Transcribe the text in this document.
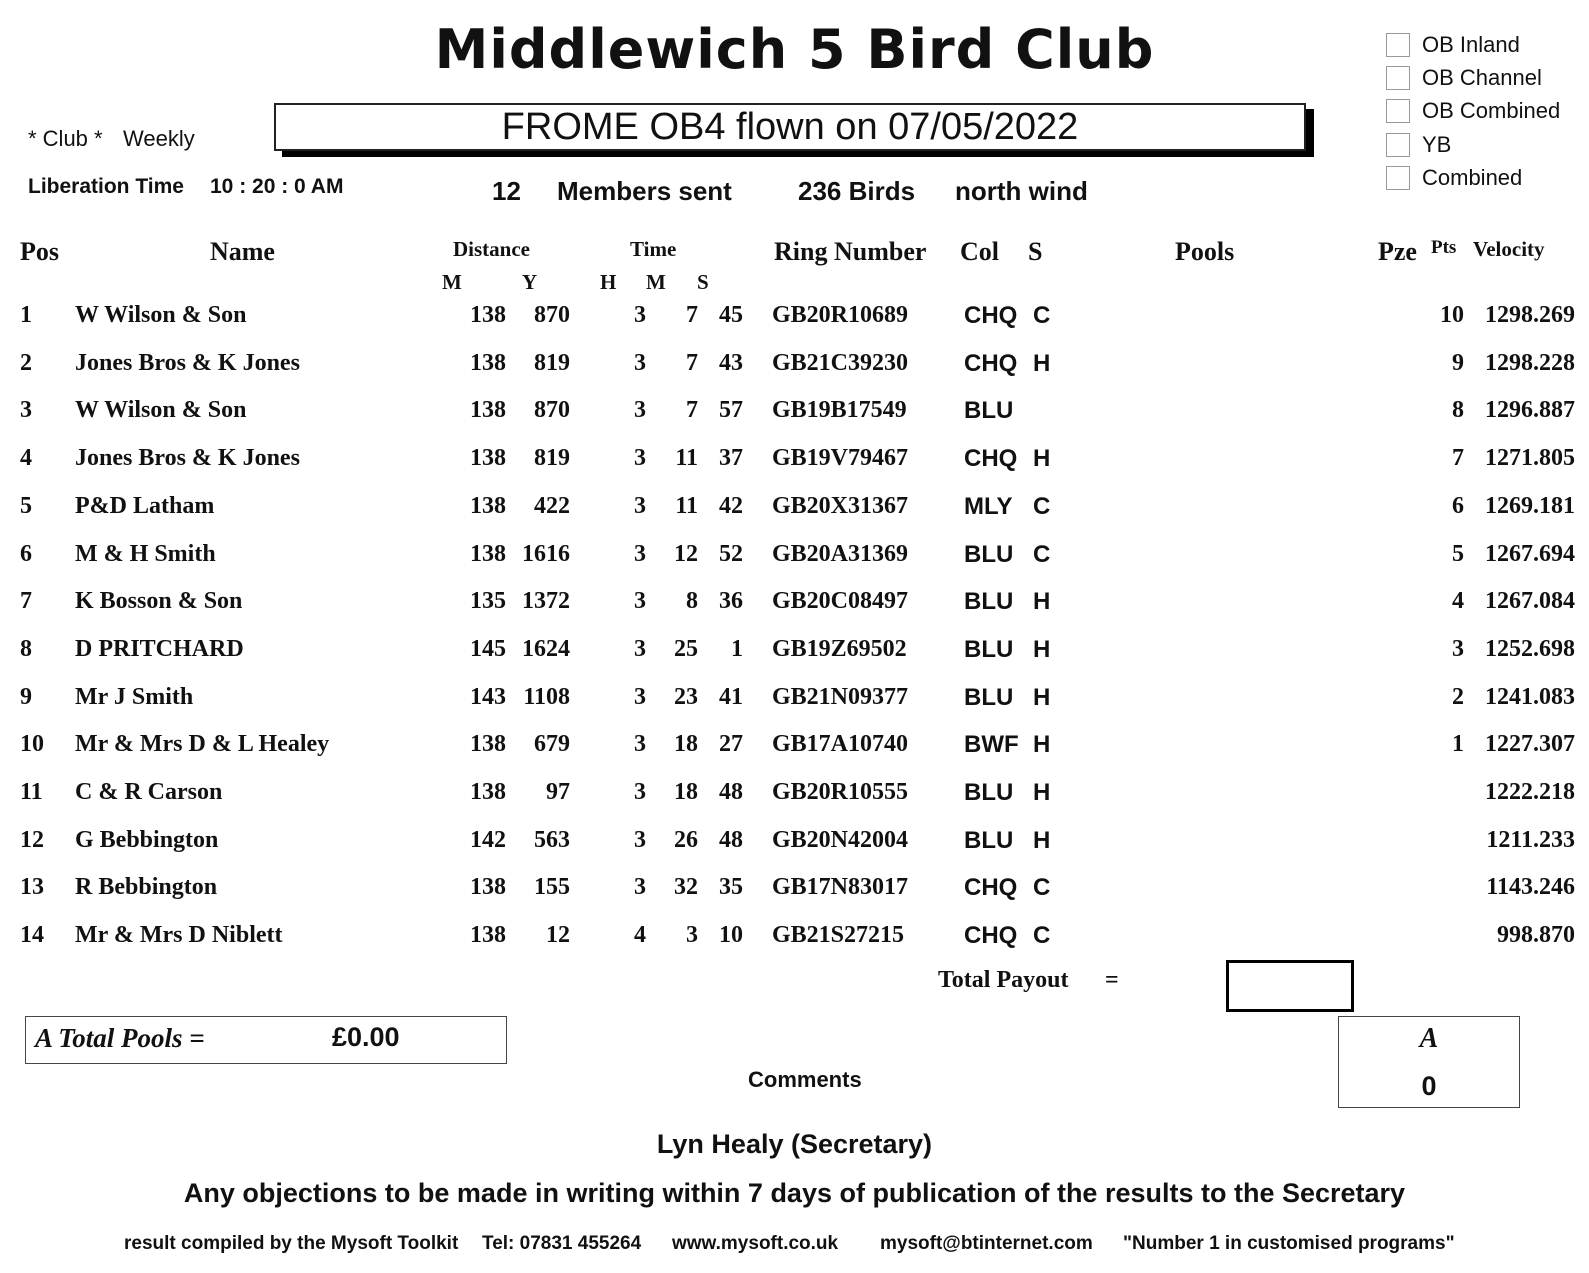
Middlewich 5 Bird Club
FROME OB4 flown on 07/05/2022
* Club * Weekly
Liberation Time 10 : 20 : 0 AM	12 Members sent	236 Birds north wind
OB Inland
OB Channel
OB Combined
YB
Combined
Pos	Name	Distance	Time	Ring Number Col S	Pools	Pze Pts Velocity
M	Y	H M S
1 W Wilson & Son	138	870	3	7 45 GB20R10689 CHQ C	10 1298.269
2 Jones Bros & K Jones	138	819	3	7 43 GB21C39230 CHQ H	9 1298.228
3 W Wilson & Son	138	870	3	7 57 GB19B17549 BLU	8 1296.887
4 Jones Bros & K Jones	138	819	3	11 37 GB19V79467 CHQ H	7 1271.805
5 P&D Latham	138	422	3	11 42 GB20X31367 MLY C	6 1269.181
6 M & H Smith	138 1616	3	12 52 GB20A31369 BLU C	5 1267.694
7 K Bosson & Son	135 1372	3	8 36 GB20C08497 BLU H	4 1267.084
8 D PRITCHARD	145 1624	3	25	1 GB19Z69502 BLU H	3 1252.698
9 Mr J Smith	143 1108	3	23 41 GB21N09377 BLU H	2 1241.083
10 Mr & Mrs D & L Healey	138	679	3	18 27 GB17A10740 BWF H	1 1227.307
11 C & R Carson	138	97	3	18 48 GB20R10555 BLU H	1222.218
12 G Bebbington	142	563	3	26 48 GB20N42004 BLU H	1211.233
13 R Bebbington	138	155	3	32 35 GB17N83017 CHQ C	1143.246
14 Mr & Mrs D Niblett	138	12	4	3 10 GB21S27215 CHQ C	998.870
Total Payout =
A Total Pools =	£0.00	A
0
Comments
Lyn Healy (Secretary)
Any objections to be made in writing within 7 days of publication of the results to the Secretary
result compiled by the Mysoft Toolkit Tel: 07831 455264 www.mysoft.co.uk mysoft@btinternet.com "Number 1 in customised programs"
